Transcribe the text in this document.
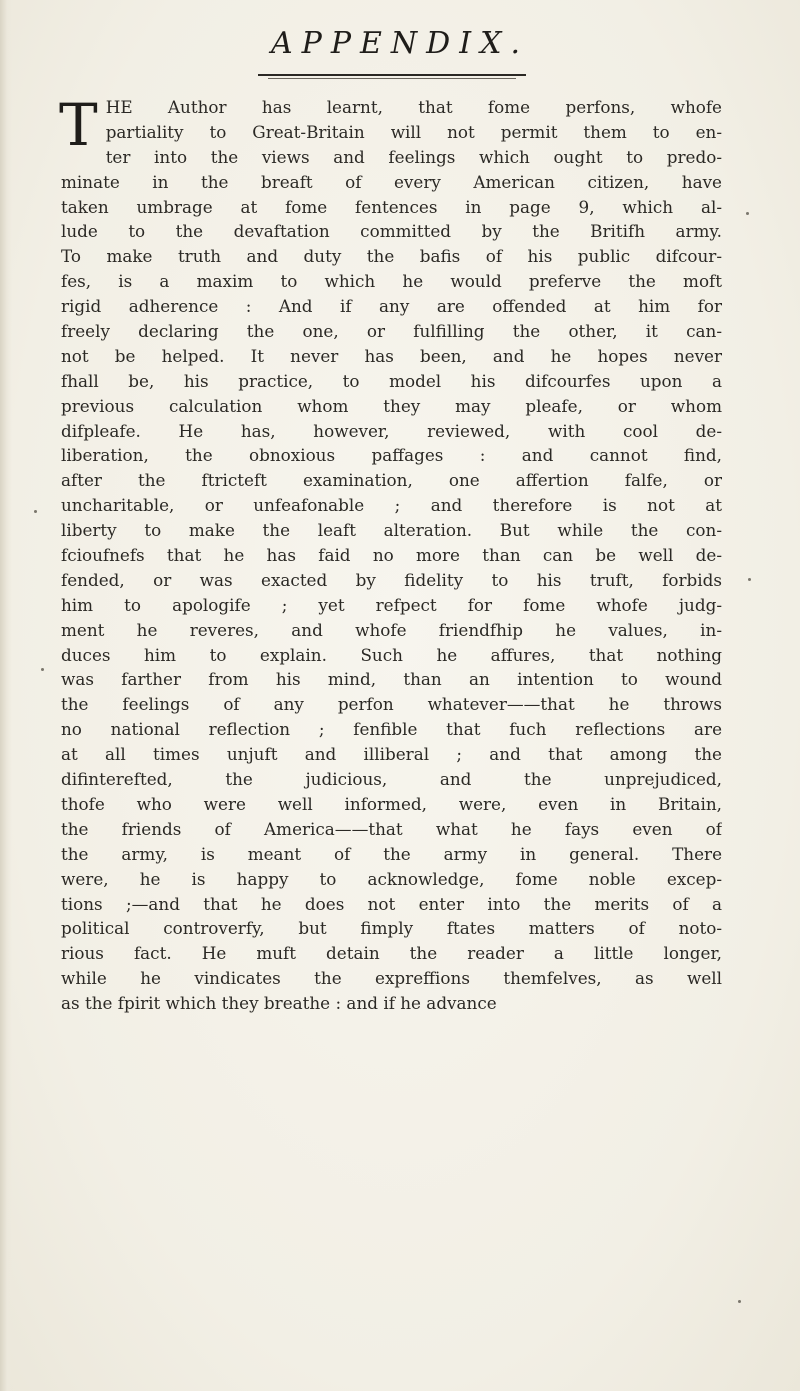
APPENDIX.
T HE Author has learnt, that fome perfons, whofe
partiality to Great-Britain will not permit them to en-
ter into the views and feelings which ought to predo-
minate in the breaft of every American citizen, have
taken umbrage at fome fentences in page 9, which al-
lude to the devaftation committed by the Britifh army.
To make truth and duty the bafis of his public difcour-
fes, is a maxim to which he would preferve the moft
rigid adherence : And if any are offended at him for
freely declaring the one, or fulfilling the other, it can-
not be helped. It never has been, and he hopes never
fhall be, his practice, to model his difcourfes upon a
previous calculation whom they may pleafe, or whom
difpleafe. He has, however, reviewed, with cool de-
liberation, the obnoxious paffages : and cannot find,
after the ftricteft examination, one affertion falfe, or
uncharitable, or unfeafonable ; and therefore is not at
liberty to make the leaft alteration. But while the con-
fcioufnefs that he has faid no more than can be well de-
fended, or was exacted by fidelity to his truft, forbids
him to apologife ; yet refpect for fome whofe judg-
ment he reveres, and whofe friendfhip he values, in-
duces him to explain. Such he affures, that nothing
was farther from his mind, than an intention to wound
the feelings of any perfon whatever——that he throws
no national reflection ; fenfible that fuch reflections are
at all times unjuft and illiberal ; and that among the
difinterefted, the judicious, and the unprejudiced,
thofe who were well informed, were, even in Britain,
the friends of America——that what he fays even of
the army, is meant of the army in general. There
were, he is happy to acknowledge, fome noble excep-
tions ;—and that he does not enter into the merits of a
political controverfy, but fimply ftates matters of noto-
rious fact. He muft detain the reader a little longer,
while he vindicates the expreffions themfelves, as well
as the fpirit which they breathe : and if he advance
